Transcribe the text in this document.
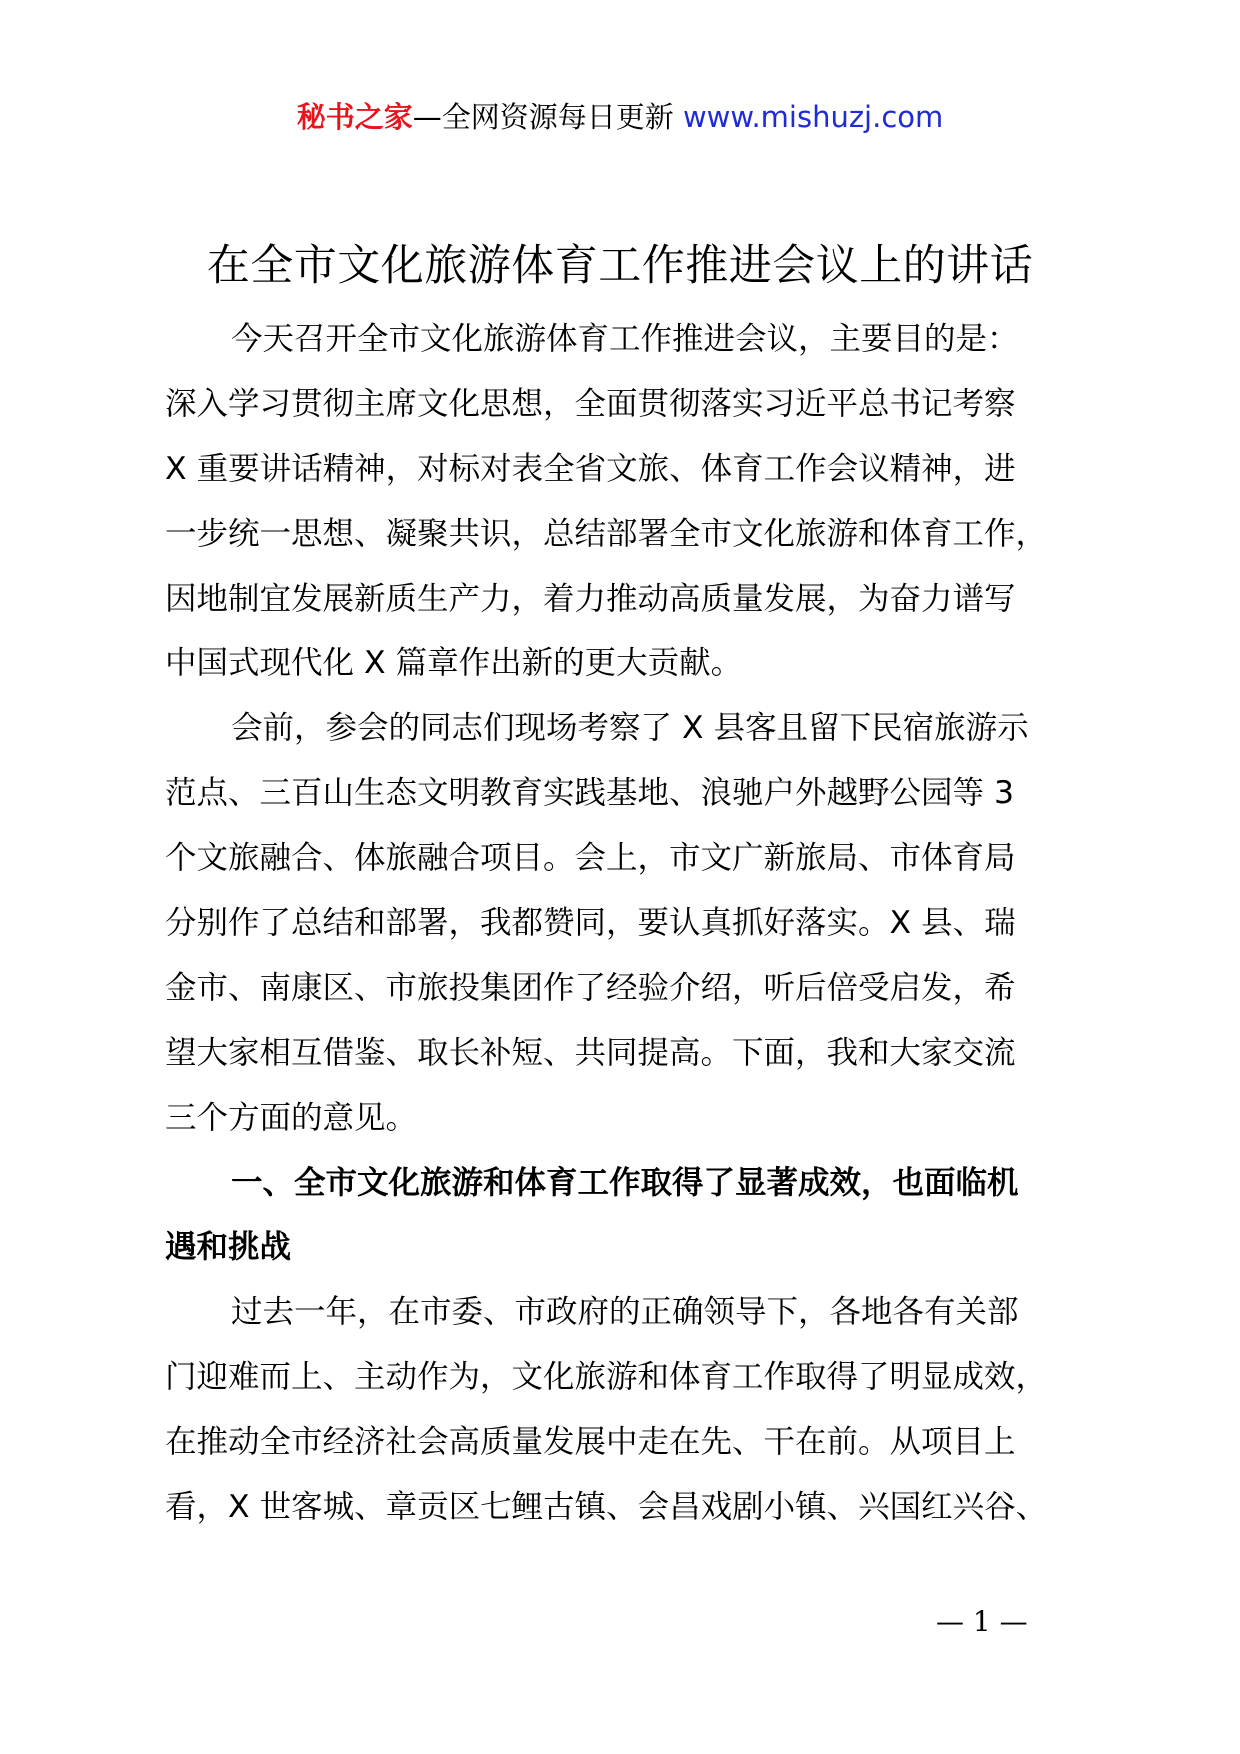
秘书之家—全网资源每日更新 www.mishuzj.com
在全市文化旅游体育工作推进会议上的讲话
今天召开全市文化旅游体育工作推进会议，主要目的是：
深入学习贯彻主席文化思想，全面贯彻落实习近平总书记考察
X 重要讲话精神，对标对表全省文旅、体育工作会议精神，进
一步统一思想、凝聚共识，总结部署全市文化旅游和体育工作，
因地制宜发展新质生产力，着力推动高质量发展，为奋力谱写
中国式现代化 X 篇章作出新的更大贡献。
会前，参会的同志们现场考察了 X 县客且留下民宿旅游示
范点、三百山生态文明教育实践基地、浪驰户外越野公园等 3
个文旅融合、体旅融合项目。会上，市文广新旅局、市体育局
分别作了总结和部署，我都赞同，要认真抓好落实。X 县、瑞
金市、南康区、市旅投集团作了经验介绍，听后倍受启发，希
望大家相互借鉴、取长补短、共同提高。下面，我和大家交流
三个方面的意见。
一、全市文化旅游和体育工作取得了显著成效，也面临机
遇和挑战
过去一年，在市委、市政府的正确领导下，各地各有关部
门迎难而上、主动作为，文化旅游和体育工作取得了明显成效，
在推动全市经济社会高质量发展中走在先、干在前。从项目上
看，X 世客城、章贡区七鲤古镇、会昌戏剧小镇、兴国红兴谷、
— 1 —
